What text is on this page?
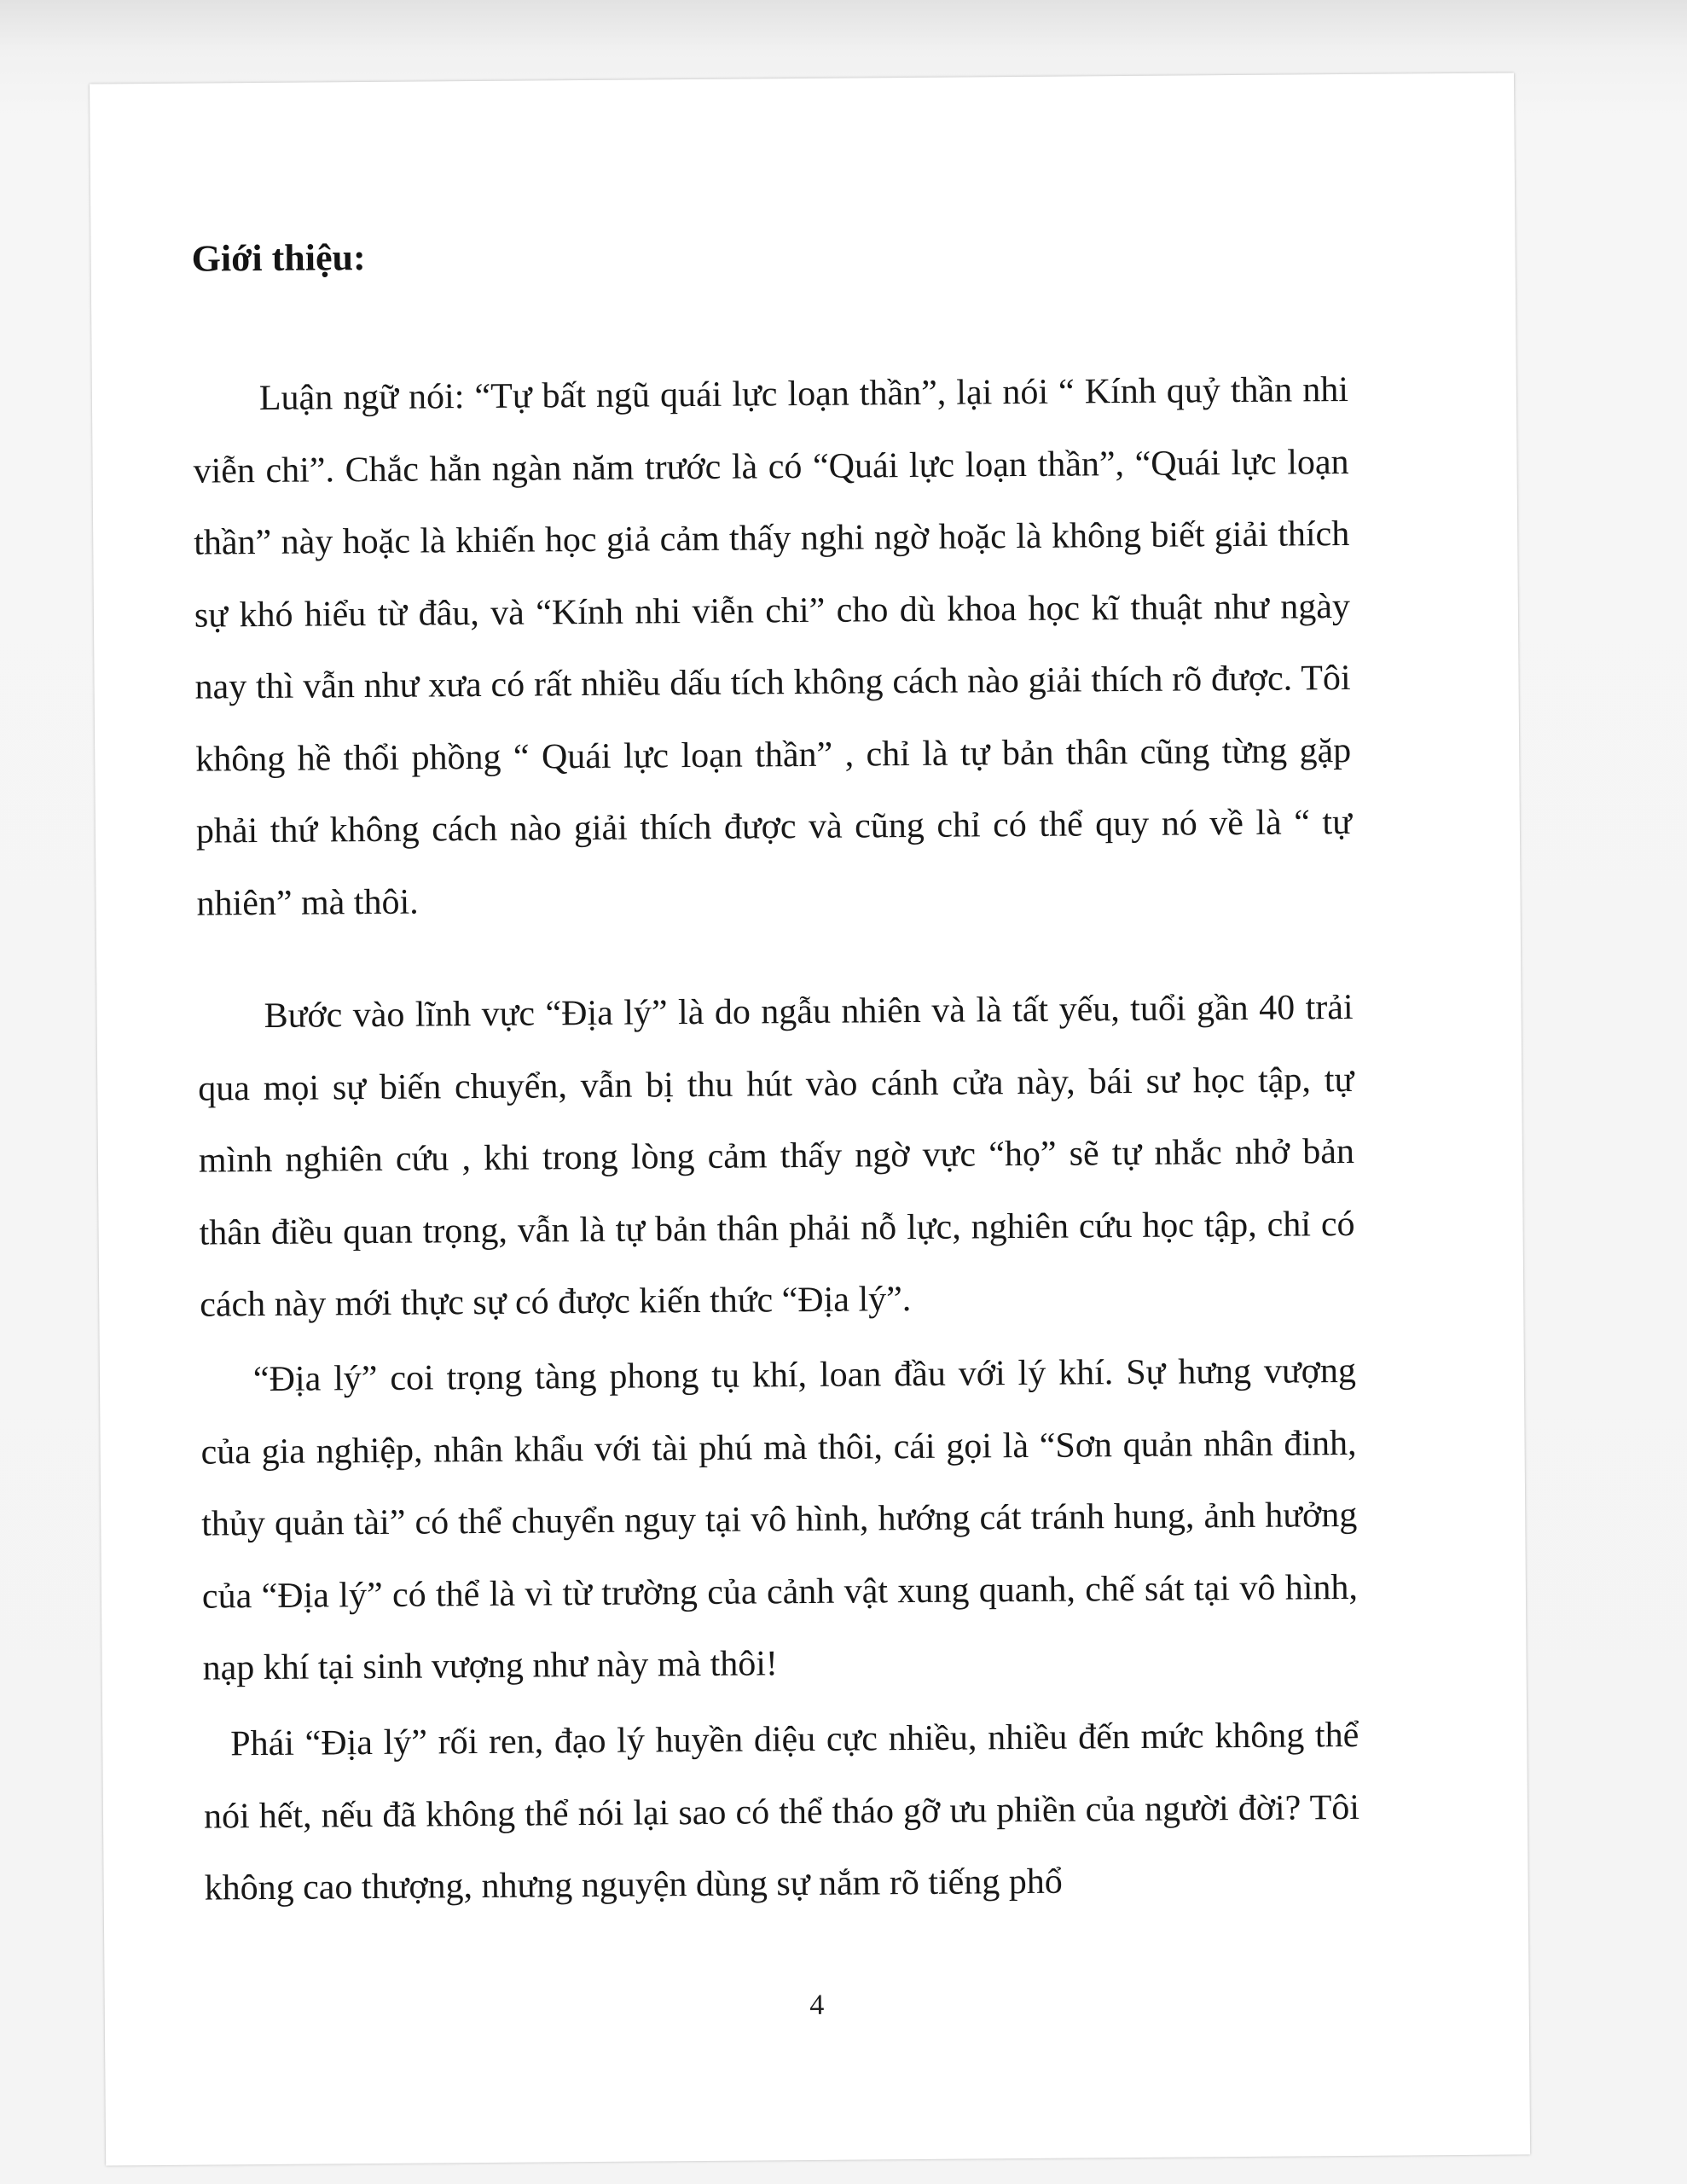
Giới thiệu:

Luận ngữ nói: “Tự bất ngũ quái lực loạn thần”, lại nói “ Kính quỷ thần nhi viễn chi”. Chắc hẳn ngàn năm trước là có “Quái lực loạn thần”, “Quái lực loạn thần” này hoặc là khiến học giả cảm thấy nghi ngờ hoặc là không biết giải thích sự khó hiểu từ đâu, và “Kính nhi viễn chi” cho dù khoa học kĩ thuật như ngày nay thì vẫn như xưa có rất nhiều dấu tích không cách nào giải thích rõ được. Tôi không hề thổi phồng “ Quái lực loạn thần” , chỉ là tự bản thân cũng từng gặp phải thứ không cách nào giải thích được và cũng chỉ có thể quy nó về là “ tự nhiên” mà thôi.

Bước vào lĩnh vực “Địa lý” là do ngẫu nhiên và là tất yếu, tuổi gần 40 trải qua mọi sự biến chuyển, vẫn bị thu hút vào cánh cửa này, bái sư học tập, tự mình nghiên cứu , khi trong lòng cảm thấy ngờ vực “họ” sẽ tự nhắc nhở bản thân điều quan trọng, vẫn là tự bản thân phải nỗ lực, nghiên cứu học tập, chỉ có cách này mới thực sự có được kiến thức “Địa lý”.

“Địa lý” coi trọng tàng phong tụ khí, loan đầu với lý khí. Sự hưng vượng của gia nghiệp, nhân khẩu với tài phú mà thôi, cái gọi là “Sơn quản nhân đinh, thủy quản tài” có thể chuyển nguy tại vô hình, hướng cát tránh hung, ảnh hưởng của “Địa lý” có thể là vì từ trường của cảnh vật xung quanh, chế sát tại vô hình, nạp khí tại sinh vượng như này mà thôi!

Phái “Địa lý” rối ren, đạo lý huyền diệu cực nhiều, nhiều đến mức không thể nói hết, nếu đã không thể nói lại sao có thể tháo gỡ ưu phiền của người đời? Tôi không cao thượng, nhưng nguyện dùng sự nắm rõ tiếng phổ

4
